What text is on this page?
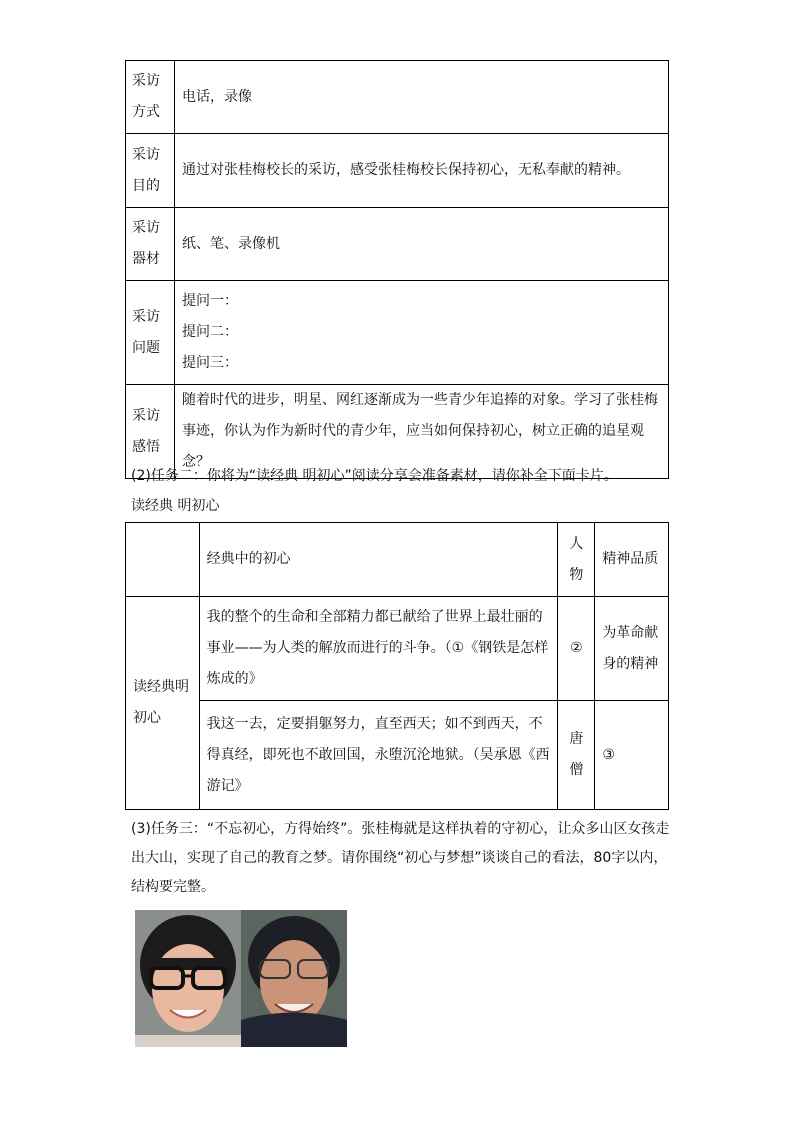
采访方式	电话，录像
采访目的	通过对张桂梅校长的采访，感受张桂梅校长保持初心，无私奉献的精神。
采访器材	纸、笔、录像机
采访问题	提问一：
提问二：
提问三：

采访感悟	随着时代的进步，明星、网红逐渐成为一些青少年追捧的对象。学习了张桂梅事迹，你认为作为新时代的青少年，应当如何保持初心，树立正确的追星观念？
(2)任务二：你将为“读经典 明初心”阅读分享会准备素材，请你补全下面卡片。
读经典 明初心
	经典中的初心	人物	精神品质
读经典明初心	我的整个的生命和全部精力都已献给了世界上最壮丽的事业——为人类的解放而进行的斗争。（①《钢铁是怎样炼成的》	②	为革命献身的精神
	我这一去，定要捐躯努力，直至西天；如不到西天，不得真经，即死也不敢回国，永堕沉沦地狱。（吴承恩《西游记》	唐僧	③
(3)任务三：“不忘初心，方得始终”。张桂梅就是这样执着的守初心，让众多山区女孩走出大山，实现了自己的教育之梦。请你围绕“初心与梦想”谈谈自己的看法，80字以内，结构要完整。
